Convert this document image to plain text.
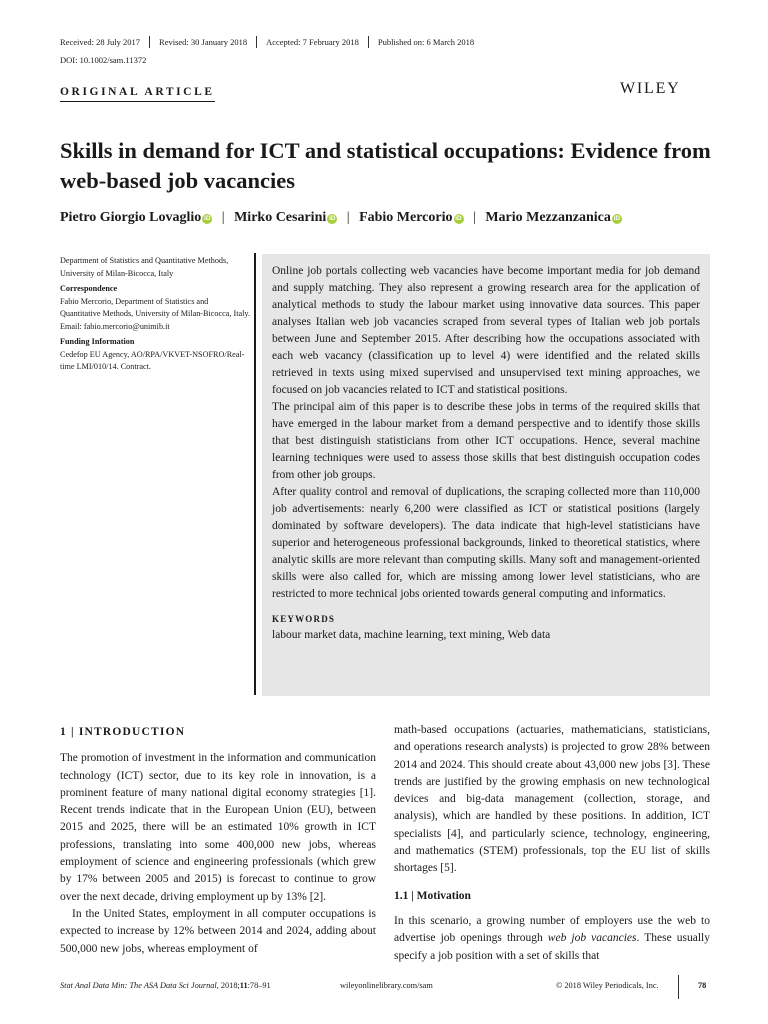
Received: 28 July 2017	Revised: 30 January 2018	Accepted: 7 February 2018	Published on: 6 March 2018
DOI: 10.1002/sam.11372
ORIGINAL ARTICLE	WILEY
Skills in demand for ICT and statistical occupations: Evidence from web-based job vacancies
Pietro Giorgio Lovaglio iD | Mirko Cesarini iD | Fabio Mercorio iD | Mario Mezzanzanica iD
Department of Statistics and Quantitative Methods, University of Milan-Bicocca, Italy
Correspondence
Fabio Mercorio, Department of Statistics and Quantitative Methods, University of Milan-Bicocca, Italy.
Email: fabio.mercorio@unimib.it
Funding Information
Cedefop EU Agency, AO/RPA/VKVET-NSOFRO/Real-time LMI/010/14. Contract.

Online job portals collecting web vacancies have become important media for job demand and supply matching. They also represent a growing research area for the application of analytical methods to study the labour market using innovative data sources. This paper analyses Italian web job vacancies scraped from several types of Italian web job portals between June and September 2015. After describing how the occupations associated with each web vacancy (classification up to level 4) were identified and the related skills retrieved in texts using mixed supervised and unsupervised text mining approaches, we focused on job vacancies related to ICT and statistical positions.

The principal aim of this paper is to describe these jobs in terms of the required skills that have emerged in the labour market from a demand perspective and to identify those skills that best distinguish statisticians from other ICT occupations. Hence, several machine learning techniques were used to assess those skills that best distinguish occupation codes from other job groups.

After quality control and removal of duplications, the scraping collected more than 110,000 job advertisements: nearly 6,200 were classified as ICT or statistical positions (largely dominated by software developers). The data indicate that high-level statisticians have superior and heterogeneous professional backgrounds, linked to theoretical statistics, where analytic skills are more relevant than computing skills. Many soft and management-oriented skills were also called for, which are missing among lower level statisticians, who are restricted to more technical jobs oriented towards general computing and informatics.

KEYWORDS
labour market data, machine learning, text mining, Web data

1 | INTRODUCTION

The promotion of investment in the information and communication technology (ICT) sector, due to its key role in innovation, is a prominent feature of many national digital economy strategies [1]. Recent trends indicate that in the European Union (EU), between 2015 and 2025, there will be an estimated 10% growth in ICT professions, translating into some 400,000 new jobs, whereas employment of science and engineering professionals (which grew by 17% between 2005 and 2015) is forecast to continue to grow over the next decade, driving employment up by 13% [2].

In the United States, employment in all computer occupations is expected to increase by 12% between 2014 and 2024, adding about 500,000 new jobs, whereas employment of

math-based occupations (actuaries, mathematicians, statisticians, and operations research analysts) is projected to grow 28% between 2014 and 2024. This should create about 43,000 new jobs [3]. These trends are justified by the growing emphasis on new technological devices and big-data management (collection, storage, and analysis), which are handled by these positions. In addition, ICT specialists [4], and particularly science, technology, engineering, and mathematics (STEM) professionals, top the EU list of skills shortages [5].

1.1 | Motivation

In this scenario, a growing number of employers use the web to advertise job openings through web job vacancies. These usually specify a job position with a set of skills that

Stat Anal Data Min: The ASA Data Sci Journal, 2018;11:78–91	wileyonlinelibrary.com/sam	© 2018 Wiley Periodicals, Inc.	78
